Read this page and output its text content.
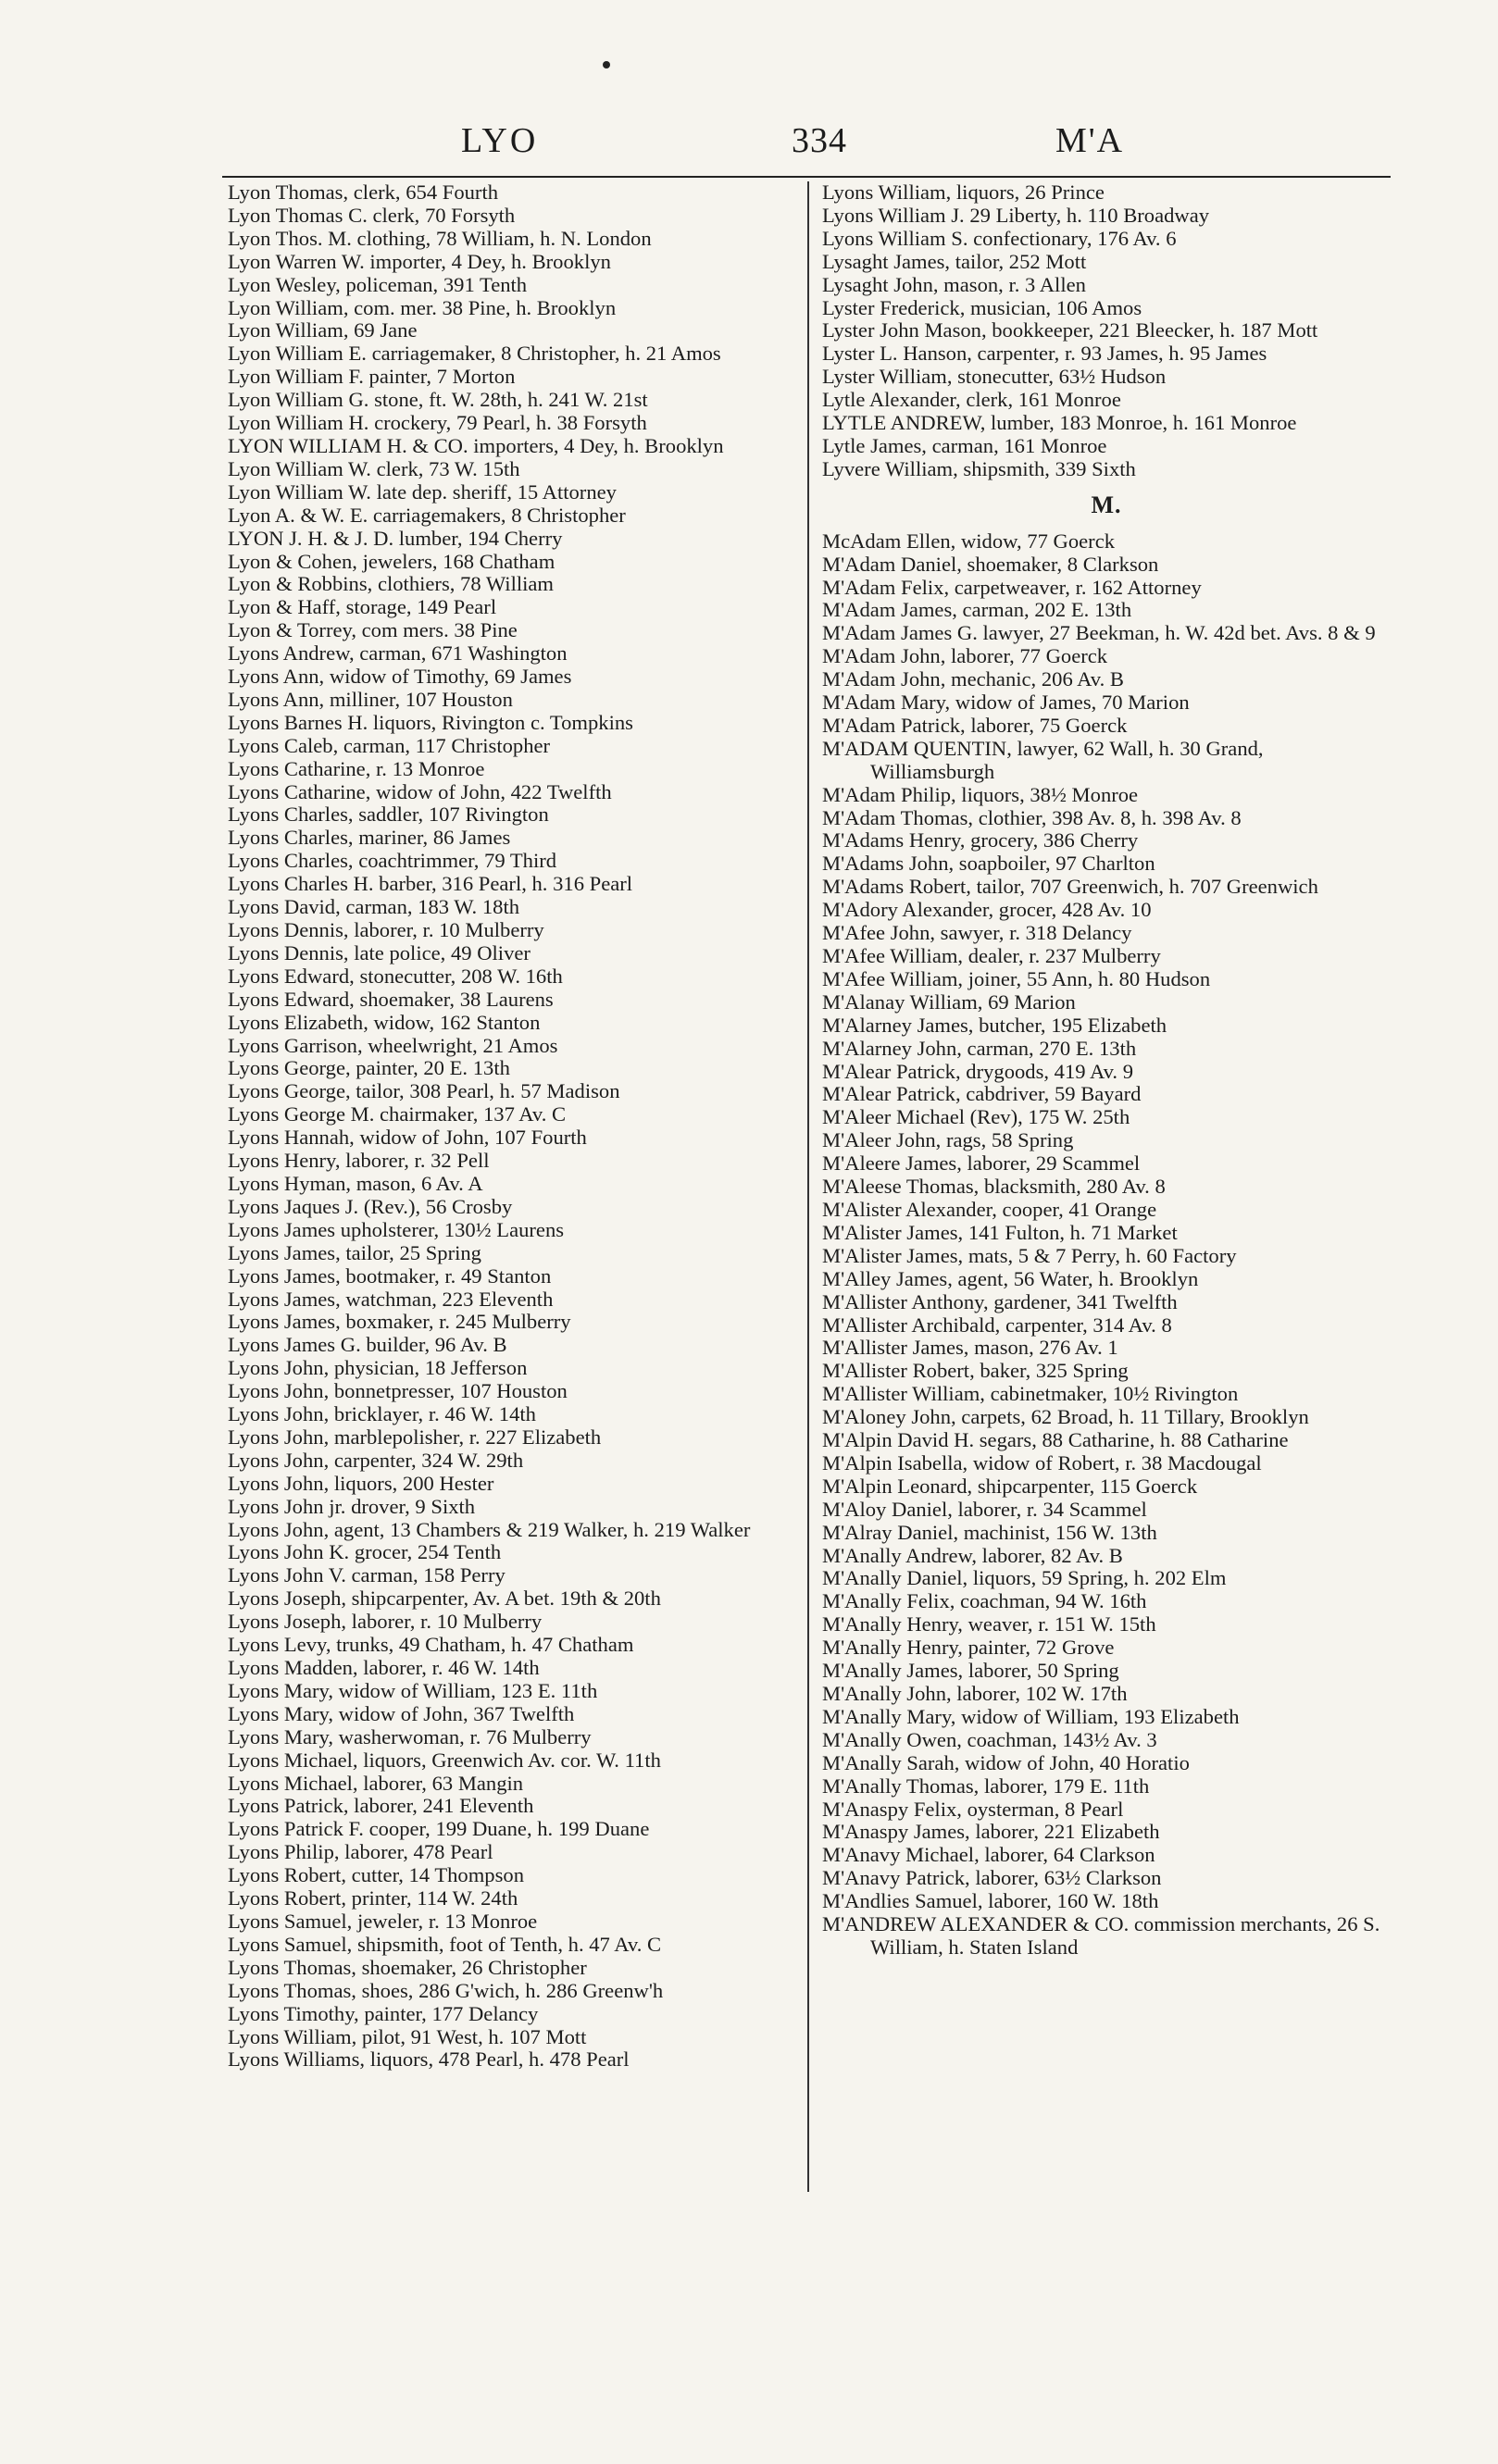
LYO	334	M'A
Lyon Thomas, clerk, 654 Fourth
Lyon Thomas C. clerk, 70 Forsyth
Lyon Thos. M. clothing, 78 William, h. N. London
Lyon Warren W. importer, 4 Dey, h. Brooklyn
Lyon Wesley, policeman, 391 Tenth
Lyon William, com. mer. 38 Pine, h. Brooklyn
Lyon William, 69 Jane
Lyon William E. carriagemaker, 8 Christopher, h. 21 Amos
Lyon William F. painter, 7 Morton
Lyon William G. stone, ft. W. 28th, h. 241 W. 21st
Lyon William H. crockery, 79 Pearl, h. 38 Forsyth
LYON WILLIAM H. & CO. importers, 4 Dey, h. Brooklyn
Lyon William W. clerk, 73 W. 15th
Lyon William W. late dep. sheriff, 15 Attorney
Lyon A. & W. E. carriagemakers, 8 Christopher
LYON J. H. & J. D. lumber, 194 Cherry
Lyon & Cohen, jewelers, 168 Chatham
Lyon & Robbins, clothiers, 78 William
Lyon & Haff, storage, 149 Pearl
Lyon & Torrey, com mers. 38 Pine
Lyons Andrew, carman, 671 Washington
Lyons Ann, widow of Timothy, 69 James
Lyons Ann, milliner, 107 Houston
Lyons Barnes H. liquors, Rivington c. Tompkins
Lyons Caleb, carman, 117 Christopher
Lyons Catharine, r. 13 Monroe
Lyons Catharine, widow of John, 422 Twelfth
Lyons Charles, saddler, 107 Rivington
Lyons Charles, mariner, 86 James
Lyons Charles, coachtrimmer, 79 Third
Lyons Charles H. barber, 316 Pearl, h. 316 Pearl
Lyons David, carman, 183 W. 18th
Lyons Dennis, laborer, r. 10 Mulberry
Lyons Dennis, late police, 49 Oliver
Lyons Edward, stonecutter, 208 W. 16th
Lyons Edward, shoemaker, 38 Laurens
Lyons Elizabeth, widow, 162 Stanton
Lyons Garrison, wheelwright, 21 Amos
Lyons George, painter, 20 E. 13th
Lyons George, tailor, 308 Pearl, h. 57 Madison
Lyons George M. chairmaker, 137 Av. C
Lyons Hannah, widow of John, 107 Fourth
Lyons Henry, laborer, r. 32 Pell
Lyons Hyman, mason, 6 Av. A
Lyons Jaques J. (Rev.), 56 Crosby
Lyons James upholsterer, 130½ Laurens
Lyons James, tailor, 25 Spring
Lyons James, bootmaker, r. 49 Stanton
Lyons James, watchman, 223 Eleventh
Lyons James, boxmaker, r. 245 Mulberry
Lyons James G. builder, 96 Av. B
Lyons John, physician, 18 Jefferson
Lyons John, bonnetpresser, 107 Houston
Lyons John, bricklayer, r. 46 W. 14th
Lyons John, marblepolisher, r. 227 Elizabeth
Lyons John, carpenter, 324 W. 29th
Lyons John, liquors, 200 Hester
Lyons John jr. drover, 9 Sixth
Lyons John, agent, 13 Chambers & 219 Walker, h. 219 Walker
Lyons John K. grocer, 254 Tenth
Lyons John V. carman, 158 Perry
Lyons Joseph, shipcarpenter, Av. A bet. 19th & 20th
Lyons Joseph, laborer, r. 10 Mulberry
Lyons Levy, trunks, 49 Chatham, h. 47 Chatham
Lyons Madden, laborer, r. 46 W. 14th
Lyons Mary, widow of William, 123 E. 11th
Lyons Mary, widow of John, 367 Twelfth
Lyons Mary, washerwoman, r. 76 Mulberry
Lyons Michael, liquors, Greenwich Av. cor. W. 11th
Lyons Michael, laborer, 63 Mangin
Lyons Patrick, laborer, 241 Eleventh
Lyons Patrick F. cooper, 199 Duane, h. 199 Duane
Lyons Philip, laborer, 478 Pearl
Lyons Robert, cutter, 14 Thompson
Lyons Robert, printer, 114 W. 24th
Lyons Samuel, jeweler, r. 13 Monroe
Lyons Samuel, shipsmith, foot of Tenth, h. 47 Av. C
Lyons Thomas, shoemaker, 26 Christopher
Lyons Thomas, shoes, 286 G'wich, h. 286 Greenw'h
Lyons Timothy, painter, 177 Delancy
Lyons William, pilot, 91 West, h. 107 Mott
Lyons Williams, liquors, 478 Pearl, h. 478 Pearl
Lyons William, liquors, 26 Prince
Lyons William J. 29 Liberty, h. 110 Broadway
Lyons William S. confectionary, 176 Av. 6
Lysaght James, tailor, 252 Mott
Lysaght John, mason, r. 3 Allen
Lyster Frederick, musician, 106 Amos
Lyster John Mason, bookkeeper, 221 Bleecker, h. 187 Mott
Lyster L. Hanson, carpenter, r. 93 James, h. 95 James
Lyster William, stonecutter, 63½ Hudson
Lytle Alexander, clerk, 161 Monroe
LYTLE ANDREW, lumber, 183 Monroe, h. 161 Monroe
Lytle James, carman, 161 Monroe
Lyvere William, shipsmith, 339 Sixth
M.
McAdam Ellen, widow, 77 Goerck
M'Adam Daniel, shoemaker, 8 Clarkson
M'Adam Felix, carpetweaver, r. 162 Attorney
M'Adam James, carman, 202 E. 13th
M'Adam James G. lawyer, 27 Beekman, h. W. 42d bet. Avs. 8 & 9
M'Adam John, laborer, 77 Goerck
M'Adam John, mechanic, 206 Av. B
M'Adam Mary, widow of James, 70 Marion
M'Adam Patrick, laborer, 75 Goerck
M'ADAM QUENTIN, lawyer, 62 Wall, h. 30 Grand, Williamsburgh
M'Adam Philip, liquors, 38½ Monroe
M'Adam Thomas, clothier, 398 Av. 8, h. 398 Av. 8
M'Adams Henry, grocery, 386 Cherry
M'Adams John, soapboiler, 97 Charlton
M'Adams Robert, tailor, 707 Greenwich, h. 707 Greenwich
M'Adory Alexander, grocer, 428 Av. 10
M'Afee John, sawyer, r. 318 Delancy
M'Afee William, dealer, r. 237 Mulberry
M'Afee William, joiner, 55 Ann, h. 80 Hudson
M'Alanay William, 69 Marion
M'Alarney James, butcher, 195 Elizabeth
M'Alarney John, carman, 270 E. 13th
M'Alear Patrick, drygoods, 419 Av. 9
M'Alear Patrick, cabdriver, 59 Bayard
M'Aleer Michael (Rev), 175 W. 25th
M'Aleer John, rags, 58 Spring
M'Aleere James, laborer, 29 Scammel
M'Aleese Thomas, blacksmith, 280 Av. 8
M'Alister Alexander, cooper, 41 Orange
M'Alister James, 141 Fulton, h. 71 Market
M'Alister James, mats, 5 & 7 Perry, h. 60 Factory
M'Alley James, agent, 56 Water, h. Brooklyn
M'Allister Anthony, gardener, 341 Twelfth
M'Allister Archibald, carpenter, 314 Av. 8
M'Allister James, mason, 276 Av. 1
M'Allister Robert, baker, 325 Spring
M'Allister William, cabinetmaker, 10½ Rivington
M'Aloney John, carpets, 62 Broad, h. 11 Tillary, Brooklyn
M'Alpin David H. segars, 88 Catharine, h. 88 Catharine
M'Alpin Isabella, widow of Robert, r. 38 Macdougal
M'Alpin Leonard, shipcarpenter, 115 Goerck
M'Aloy Daniel, laborer, r. 34 Scammel
M'Alray Daniel, machinist, 156 W. 13th
M'Anally Andrew, laborer, 82 Av. B
M'Anally Daniel, liquors, 59 Spring, h. 202 Elm
M'Anally Felix, coachman, 94 W. 16th
M'Anally Henry, weaver, r. 151 W. 15th
M'Anally Henry, painter, 72 Grove
M'Anally James, laborer, 50 Spring
M'Anally John, laborer, 102 W. 17th
M'Anally Mary, widow of William, 193 Elizabeth
M'Anally Owen, coachman, 143½ Av. 3
M'Anally Sarah, widow of John, 40 Horatio
M'Anally Thomas, laborer, 179 E. 11th
M'Anaspy Felix, oysterman, 8 Pearl
M'Anaspy James, laborer, 221 Elizabeth
M'Anavy Michael, laborer, 64 Clarkson
M'Anavy Patrick, laborer, 63½ Clarkson
M'Andlies Samuel, laborer, 160 W. 18th
M'ANDREW ALEXANDER & CO. commission merchants, 26 S. William, h. Staten Island
